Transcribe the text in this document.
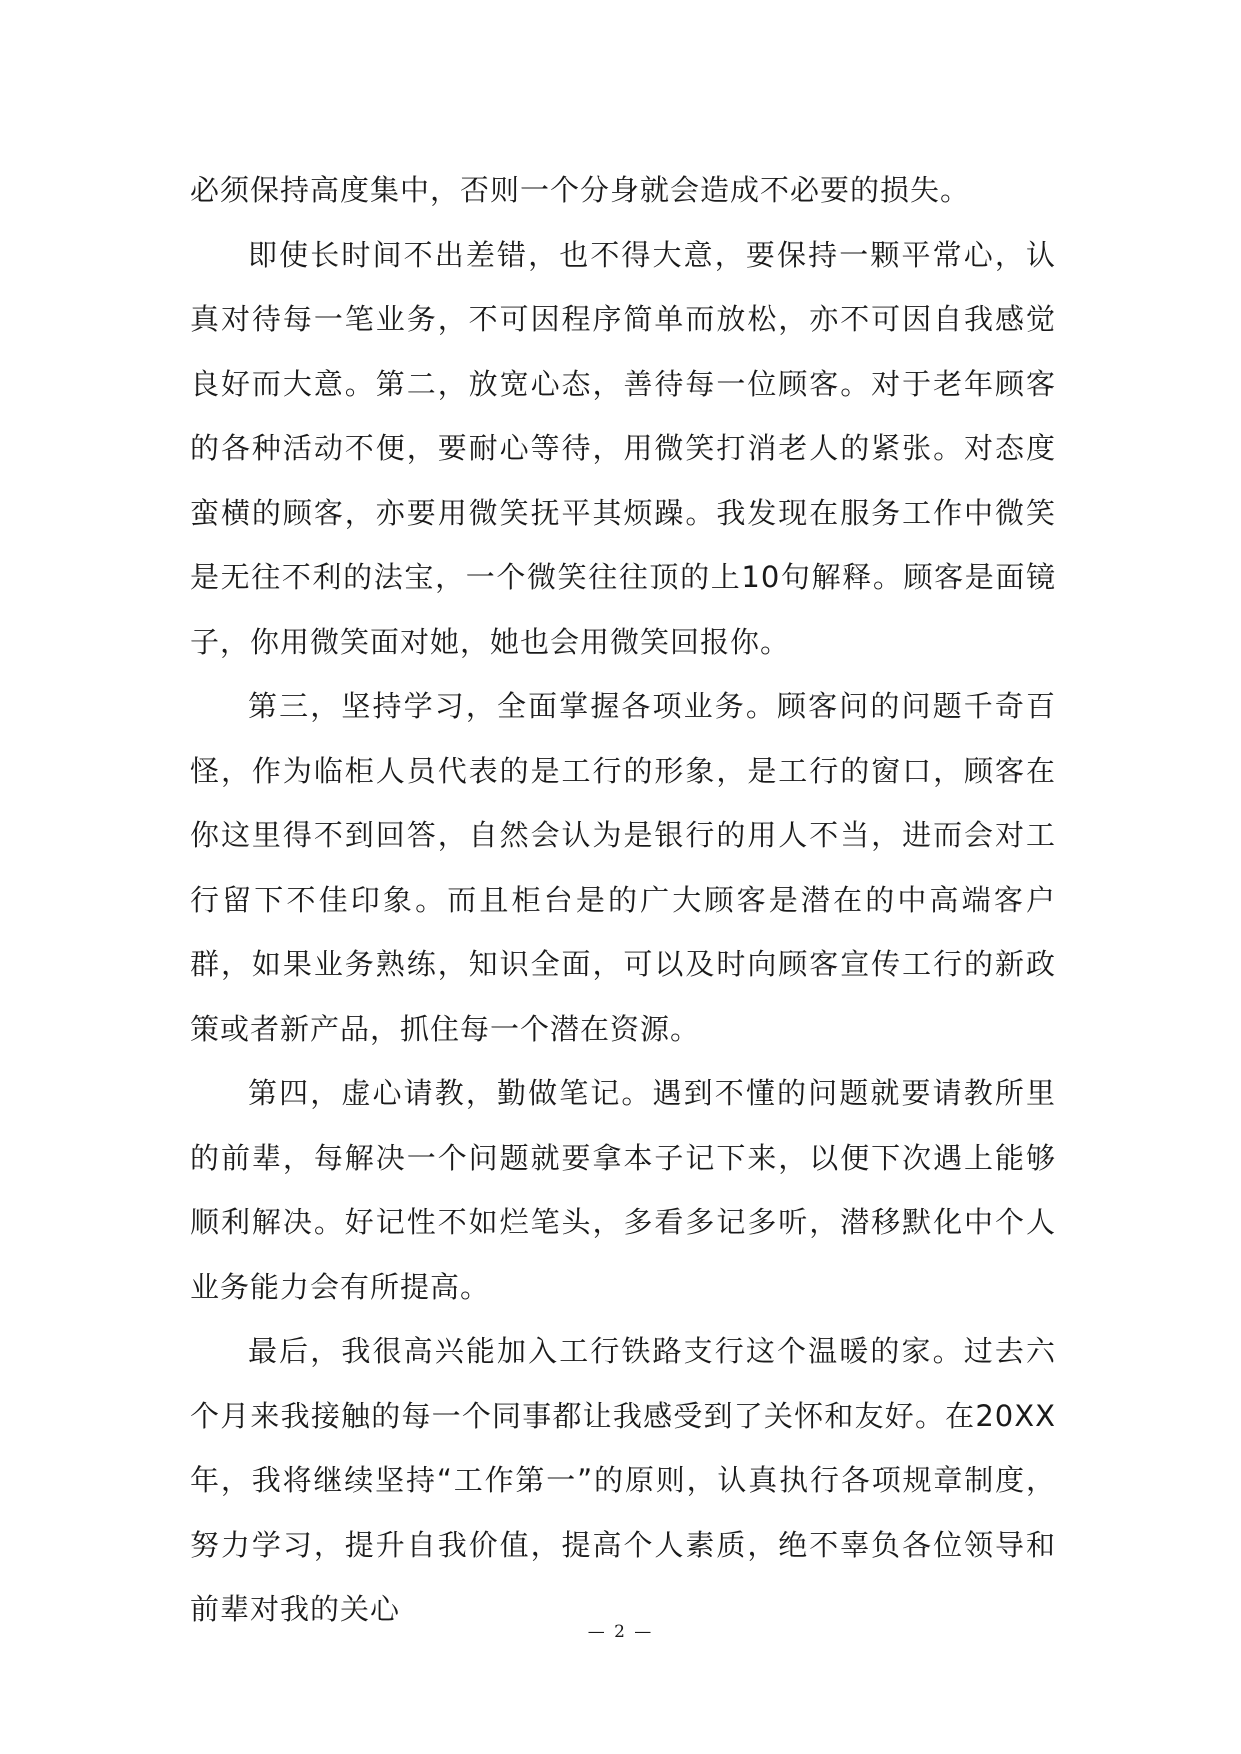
必须保持高度集中，否则一个分身就会造成不必要的损失。

即使长时间不出差错，也不得大意，要保持一颗平常心，认真对待每一笔业务，不可因程序简单而放松，亦不可因自我感觉良好而大意。第二，放宽心态，善待每一位顾客。对于老年顾客的各种活动不便，要耐心等待，用微笑打消老人的紧张。对态度蛮横的顾客，亦要用微笑抚平其烦躁。我发现在服务工作中微笑是无往不利的法宝，一个微笑往往顶的上10句解释。顾客是面镜子，你用微笑面对她，她也会用微笑回报你。

第三，坚持学习，全面掌握各项业务。顾客问的问题千奇百怪，作为临柜人员代表的是工行的形象，是工行的窗口，顾客在你这里得不到回答，自然会认为是银行的用人不当，进而会对工行留下不佳印象。而且柜台是的广大顾客是潜在的中高端客户群，如果业务熟练，知识全面，可以及时向顾客宣传工行的新政策或者新产品，抓住每一个潜在资源。

第四，虚心请教，勤做笔记。遇到不懂的问题就要请教所里的前辈，每解决一个问题就要拿本子记下来，以便下次遇上能够顺利解决。好记性不如烂笔头，多看多记多听，潜移默化中个人业务能力会有所提高。

最后，我很高兴能加入工行铁路支行这个温暖的家。过去六个月来我接触的每一个同事都让我感受到了关怀和友好。在20XX年，我将继续坚持“工作第一”的原则，认真执行各项规章制度，努力学习，提升自我价值，提高个人素质，绝不辜负各位领导和前辈对我的关心

— 2 —
